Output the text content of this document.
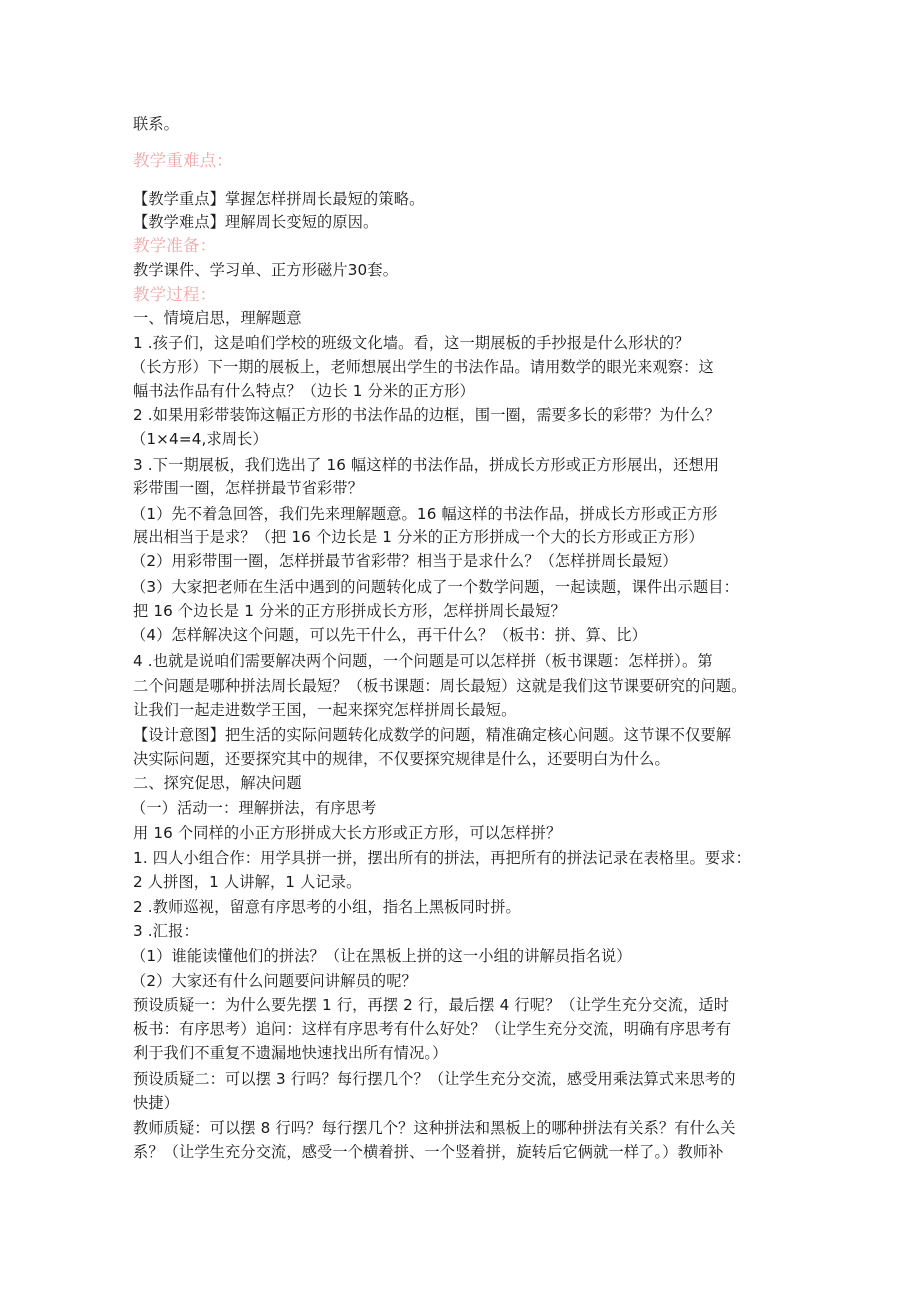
联系。
教学重难点：
【教学重点】掌握怎样拼周长最短的策略。
【教学难点】理解周长变短的原因。
教学准备：
教学课件、学习单、正方形磁片30套。
教学过程：
一、情境启思，理解题意
1 .孩子们，这是咱们学校的班级文化墙。看，这一期展板的手抄报是什么形状的？
（长方形）下一期的展板上，老师想展出学生的书法作品。请用数学的眼光来观察：这
幅书法作品有什么特点？（边长 1 分米的正方形）
2 .如果用彩带装饰这幅正方形的书法作品的边框，围一圈，需要多长的彩带？为什么？
（1×4=4,求周长）
3 .下一期展板，我们选出了 16 幅这样的书法作品，拼成长方形或正方形展出，还想用
彩带围一圈，怎样拼最节省彩带？
（1）先不着急回答，我们先来理解题意。16 幅这样的书法作品，拼成长方形或正方形
展出相当于是求？（把 16 个边长是 1 分米的正方形拼成一个大的长方形或正方形）
（2）用彩带围一圈，怎样拼最节省彩带？相当于是求什么？（怎样拼周长最短）
（3）大家把老师在生活中遇到的问题转化成了一个数学问题，一起读题，课件出示题目：
把 16 个边长是 1 分米的正方形拼成长方形，怎样拼周长最短？
（4）怎样解决这个问题，可以先干什么，再干什么？（板书：拼、算、比）
4 .也就是说咱们需要解决两个问题，一个问题是可以怎样拼（板书课题：怎样拼）。第
二个问题是哪种拼法周长最短？（板书课题：周长最短）这就是我们这节课要研究的问题。
让我们一起走进数学王国，一起来探究怎样拼周长最短。
【设计意图】把生活的实际问题转化成数学的问题，精准确定核心问题。这节课不仅要解
决实际问题，还要探究其中的规律，不仅要探究规律是什么，还要明白为什么。
二、探究促思，解决问题
（一）活动一：理解拼法，有序思考
用 16 个同样的小正方形拼成大长方形或正方形，可以怎样拼？
1. 四人小组合作：用学具拼一拼，摆出所有的拼法，再把所有的拼法记录在表格里。要求：
2 人拼图，1 人讲解，1 人记录。
2 .教师巡视，留意有序思考的小组，指名上黑板同时拼。
3 .汇报：
（1）谁能读懂他们的拼法？（让在黑板上拼的这一小组的讲解员指名说）
（2）大家还有什么问题要问讲解员的呢？
预设质疑一：为什么要先摆 1 行，再摆 2 行，最后摆 4 行呢？（让学生充分交流，适时
板书：有序思考）追问：这样有序思考有什么好处？（让学生充分交流，明确有序思考有
利于我们不重复不遗漏地快速找出所有情况。）
预设质疑二：可以摆 3 行吗？每行摆几个？（让学生充分交流，感受用乘法算式来思考的
快捷）
教师质疑：可以摆 8 行吗？每行摆几个？这种拼法和黑板上的哪种拼法有关系？有什么关
系？（让学生充分交流，感受一个横着拼、一个竖着拼，旋转后它俩就一样了。）教师补
